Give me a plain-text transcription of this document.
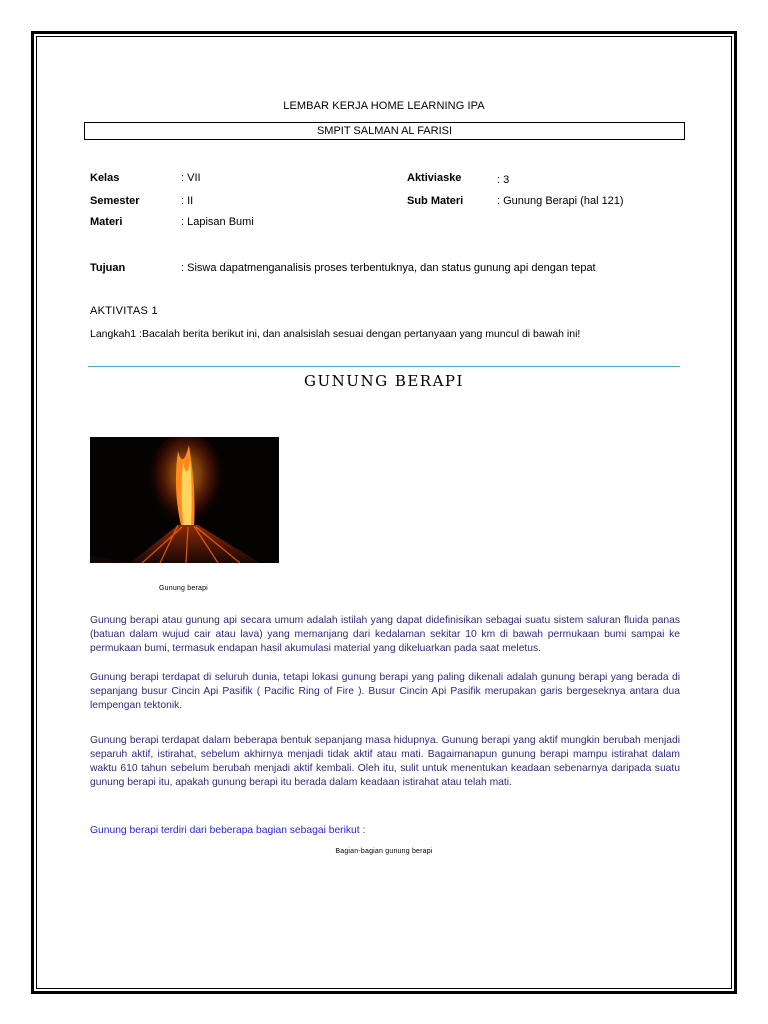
LEMBAR KERJA HOME LEARNING IPA
SMPIT SALMAN AL FARISI
Kelas	: VII
Semester	: II
Materi	: Lapisan Bumi
Aktiviaske	: 3
Sub Materi	: Gunung Berapi (hal 121)
Tujuan	: Siswa dapatmenganalisis proses terbentuknya, dan status gunung api dengan tepat
AKTIVITAS 1
Langkah1 :Bacalah berita berikut ini, dan analsislah sesuai dengan pertanyaan yang muncul di bawah ini!
GUNUNG BERAPI
Gunung berapi
Gunung berapi atau gunung api secara umum adalah istilah yang dapat didefinisikan sebagai suatu sistem saluran fluida panas (batuan dalam wujud cair atau lava) yang memanjang dari kedalaman sekitar 10 km di bawah permukaan bumi sampai ke permukaan bumi, termasuk endapan hasil akumulasi material yang dikeluarkan pada saat meletus.
Gunung berapi terdapat di seluruh dunia, tetapi lokasi gunung berapi yang paling dikenali adalah gunung berapi yang berada di sepanjang busur Cincin Api Pasifik ( Pacific Ring of Fire ). Busur Cincin Api Pasifik merupakan garis bergeseknya antara dua lempengan tektonik.
Gunung berapi terdapat dalam beberapa bentuk sepanjang masa hidupnya. Gunung berapi yang aktif mungkin berubah menjadi separuh aktif, istirahat, sebelum akhirnya menjadi tidak aktif atau mati. Bagaimanapun gunung berapi mampu istirahat dalam waktu 610 tahun sebelum berubah menjadi aktif kembali. Oleh itu, sulit untuk menentukan keadaan sebenarnya daripada suatu gunung berapi itu, apakah gunung berapi itu berada dalam keadaan istirahat atau telah mati.
Gunung berapi terdiri dari beberapa bagian sebagai berikut :
Bagian-bagian gunung berapi
